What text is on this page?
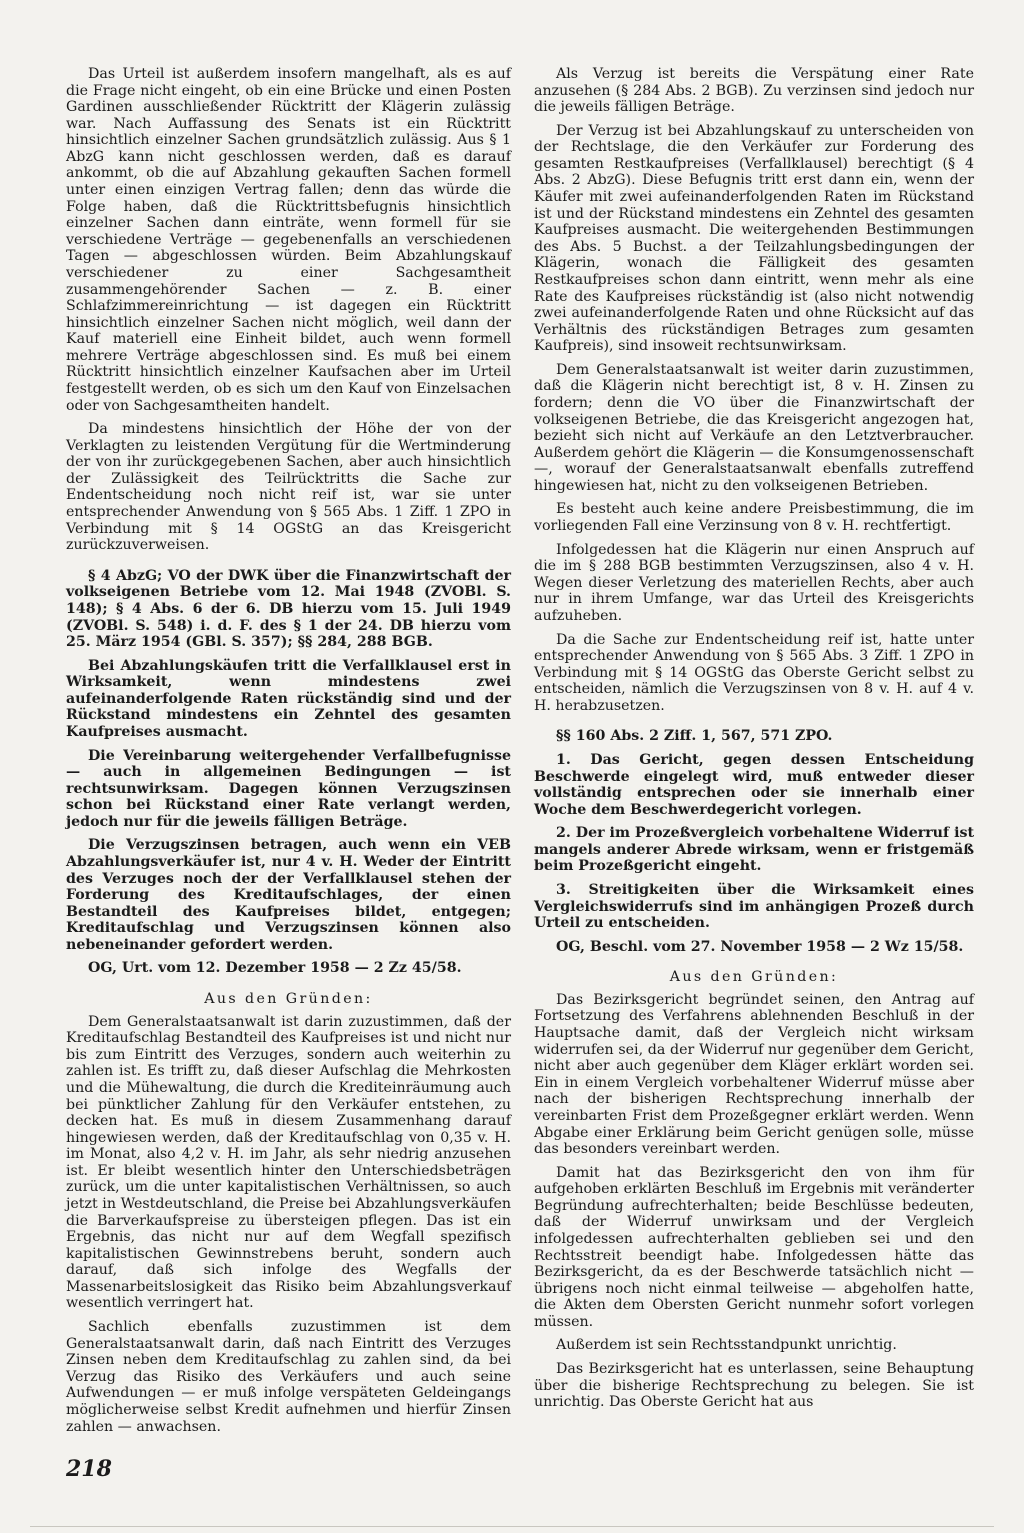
Das Urteil ist außerdem insofern mangelhaft, als es auf die Frage nicht eingeht, ob ein eine Brücke und einen Posten Gardinen ausschließender Rücktritt der Klägerin zulässig war. Nach Auffassung des Senats ist ein Rücktritt hinsichtlich einzelner Sachen grundsätzlich zulässig. Aus § 1 AbzG kann nicht geschlossen werden, daß es darauf ankommt, ob die auf Abzahlung gekauften Sachen formell unter einen einzigen Vertrag fallen; denn das würde die Folge haben, daß die Rücktrittsbefugnis hinsichtlich einzelner Sachen dann einträte, wenn formell für sie verschiedene Verträge — gegebenenfalls an verschiedenen Tagen — abgeschlossen würden. Beim Abzahlungskauf verschiedener zu einer Sachgesamtheit zusammengehörender Sachen — z. B. einer Schlafzimmereinrichtung — ist dagegen ein Rücktritt hinsichtlich einzelner Sachen nicht möglich, weil dann der Kauf materiell eine Einheit bildet, auch wenn formell mehrere Verträge abgeschlossen sind. Es muß bei einem Rücktritt hinsichtlich einzelner Kaufsachen aber im Urteil festgestellt werden, ob es sich um den Kauf von Einzelsachen oder von Sachgesamtheiten handelt.

Da mindestens hinsichtlich der Höhe der von der Verklagten zu leistenden Vergütung für die Wertminderung der von ihr zurückgegebenen Sachen, aber auch hinsichtlich der Zulässigkeit des Teilrücktritts die Sache zur Endentscheidung noch nicht reif ist, war sie unter entsprechender Anwendung von § 565 Abs. 1 Ziff. 1 ZPO in Verbindung mit § 14 OGStG an das Kreisgericht zurückzuverweisen.

§ 4 AbzG; VO der DWK über die Finanzwirtschaft der volkseigenen Betriebe vom 12. Mai 1948 (ZVOBl. S. 148); § 4 Abs. 6 der 6. DB hierzu vom 15. Juli 1949 (ZVOBl. S. 548) i. d. F. des § 1 der 24. DB hierzu vom 25. März 1954 (GBl. S. 357); §§ 284, 288 BGB.

Bei Abzahlungskäufen tritt die Verfallklausel erst in Wirksamkeit, wenn mindestens zwei aufeinanderfolgende Raten rückständig sind und der Rückstand mindestens ein Zehntel des gesamten Kaufpreises ausmacht.

Die Vereinbarung weitergehender Verfallbefugnisse — auch in allgemeinen Bedingungen — ist rechtsunwirksam. Dagegen können Verzugszinsen schon bei Rückstand einer Rate verlangt werden, jedoch nur für die jeweils fälligen Beträge.

Die Verzugszinsen betragen, auch wenn ein VEB Abzahlungsverkäufer ist, nur 4 v. H. Weder der Eintritt des Verzuges noch der der Verfallklausel stehen der Forderung des Kreditaufschlages, der einen Bestandteil des Kaufpreises bildet, entgegen; Kreditaufschlag und Verzugszinsen können also nebeneinander gefordert werden.

OG, Urt. vom 12. Dezember 1958 — 2 Zz 45/58.

Aus den Gründen:

Dem Generalstaatsanwalt ist darin zuzustimmen, daß der Kreditaufschlag Bestandteil des Kaufpreises ist und nicht nur bis zum Eintritt des Verzuges, sondern auch weiterhin zu zahlen ist. Es trifft zu, daß dieser Aufschlag die Mehrkosten und die Mühewaltung, die durch die Krediteinräumung auch bei pünktlicher Zahlung für den Verkäufer entstehen, zu decken hat. Es muß in diesem Zusammenhang darauf hingewiesen werden, daß der Kreditaufschlag von 0,35 v. H. im Monat, also 4,2 v. H. im Jahr, als sehr niedrig anzusehen ist. Er bleibt wesentlich hinter den Unterschiedsbeträgen zurück, um die unter kapitalistischen Verhältnissen, so auch jetzt in Westdeutschland, die Preise bei Abzahlungsverkäufen die Barverkaufspreise zu übersteigen pflegen. Das ist ein Ergebnis, das nicht nur auf dem Wegfall spezifisch kapitalistischen Gewinnstrebens beruht, sondern auch darauf, daß sich infolge des Wegfalls der Massenarbeitslosigkeit das Risiko beim Abzahlungsverkauf wesentlich verringert hat.

Sachlich ebenfalls zuzustimmen ist dem Generalstaatsanwalt darin, daß nach Eintritt des Verzuges Zinsen neben dem Kreditaufschlag zu zahlen sind, da bei Verzug das Risiko des Verkäufers und auch seine Aufwendungen — er muß infolge verspäteten Geldeingangs möglicherweise selbst Kredit aufnehmen und hierfür Zinsen zahlen — anwachsen.

Als Verzug ist bereits die Verspätung einer Rate anzusehen (§ 284 Abs. 2 BGB). Zu verzinsen sind jedoch nur die jeweils fälligen Beträge.

Der Verzug ist bei Abzahlungskauf zu unterscheiden von der Rechtslage, die den Verkäufer zur Forderung des gesamten Restkaufpreises (Verfallklausel) berechtigt (§ 4 Abs. 2 AbzG). Diese Befugnis tritt erst dann ein, wenn der Käufer mit zwei aufeinanderfolgenden Raten im Rückstand ist und der Rückstand mindestens ein Zehntel des gesamten Kaufpreises ausmacht. Die weitergehenden Bestimmungen des Abs. 5 Buchst. a der Teilzahlungsbedingungen der Klägerin, wonach die Fälligkeit des gesamten Restkaufpreises schon dann eintritt, wenn mehr als eine Rate des Kaufpreises rückständig ist (also nicht notwendig zwei aufeinanderfolgende Raten und ohne Rücksicht auf das Verhältnis des rückständigen Betrages zum gesamten Kaufpreis), sind insoweit rechtsunwirksam.

Dem Generalstaatsanwalt ist weiter darin zuzustimmen, daß die Klägerin nicht berechtigt ist, 8 v. H. Zinsen zu fordern; denn die VO über die Finanzwirtschaft der volkseigenen Betriebe, die das Kreisgericht angezogen hat, bezieht sich nicht auf Verkäufe an den Letztverbraucher. Außerdem gehört die Klägerin — die Konsumgenossenschaft —, worauf der Generalstaatsanwalt ebenfalls zutreffend hingewiesen hat, nicht zu den volkseigenen Betrieben.

Es besteht auch keine andere Preisbestimmung, die im vorliegenden Fall eine Verzinsung von 8 v. H. rechtfertigt.

Infolgedessen hat die Klägerin nur einen Anspruch auf die im § 288 BGB bestimmten Verzugszinsen, also 4 v. H. Wegen dieser Verletzung des materiellen Rechts, aber auch nur in ihrem Umfange, war das Urteil des Kreisgerichts aufzuheben.

Da die Sache zur Endentscheidung reif ist, hatte unter entsprechender Anwendung von § 565 Abs. 3 Ziff. 1 ZPO in Verbindung mit § 14 OGStG das Oberste Gericht selbst zu entscheiden, nämlich die Verzugszinsen von 8 v. H. auf 4 v. H. herabzusetzen.

§§ 160 Abs. 2 Ziff. 1, 567, 571 ZPO.

1. Das Gericht, gegen dessen Entscheidung Beschwerde eingelegt wird, muß entweder dieser vollständig entsprechen oder sie innerhalb einer Woche dem Beschwerdegericht vorlegen.

2. Der im Prozeßvergleich vorbehaltene Widerruf ist mangels anderer Abrede wirksam, wenn er fristgemäß beim Prozeßgericht eingeht.

3. Streitigkeiten über die Wirksamkeit eines Vergleichswiderrufs sind im anhängigen Prozeß durch Urteil zu entscheiden.

OG, Beschl. vom 27. November 1958 — 2 Wz 15/58.

Aus den Gründen:

Das Bezirksgericht begründet seinen, den Antrag auf Fortsetzung des Verfahrens ablehnenden Beschluß in der Hauptsache damit, daß der Vergleich nicht wirksam widerrufen sei, da der Widerruf nur gegenüber dem Gericht, nicht aber auch gegenüber dem Kläger erklärt worden sei. Ein in einem Vergleich vorbehaltener Widerruf müsse aber nach der bisherigen Rechtsprechung innerhalb der vereinbarten Frist dem Prozeßgegner erklärt werden. Wenn Abgabe einer Erklärung beim Gericht genügen solle, müsse das besonders vereinbart werden.

Damit hat das Bezirksgericht den von ihm für aufgehoben erklärten Beschluß im Ergebnis mit veränderter Begründung aufrechterhalten; beide Beschlüsse bedeuten, daß der Widerruf unwirksam und der Vergleich infolgedessen aufrechterhalten geblieben sei und den Rechtsstreit beendigt habe. Infolgedessen hätte das Bezirksgericht, da es der Beschwerde tatsächlich nicht — übrigens noch nicht einmal teilweise — abgeholfen hatte, die Akten dem Obersten Gericht nunmehr sofort vorlegen müssen.

Außerdem ist sein Rechtsstandpunkt unrichtig.

Das Bezirksgericht hat es unterlassen, seine Behauptung über die bisherige Rechtsprechung zu belegen. Sie ist unrichtig. Das Oberste Gericht hat aus

218
